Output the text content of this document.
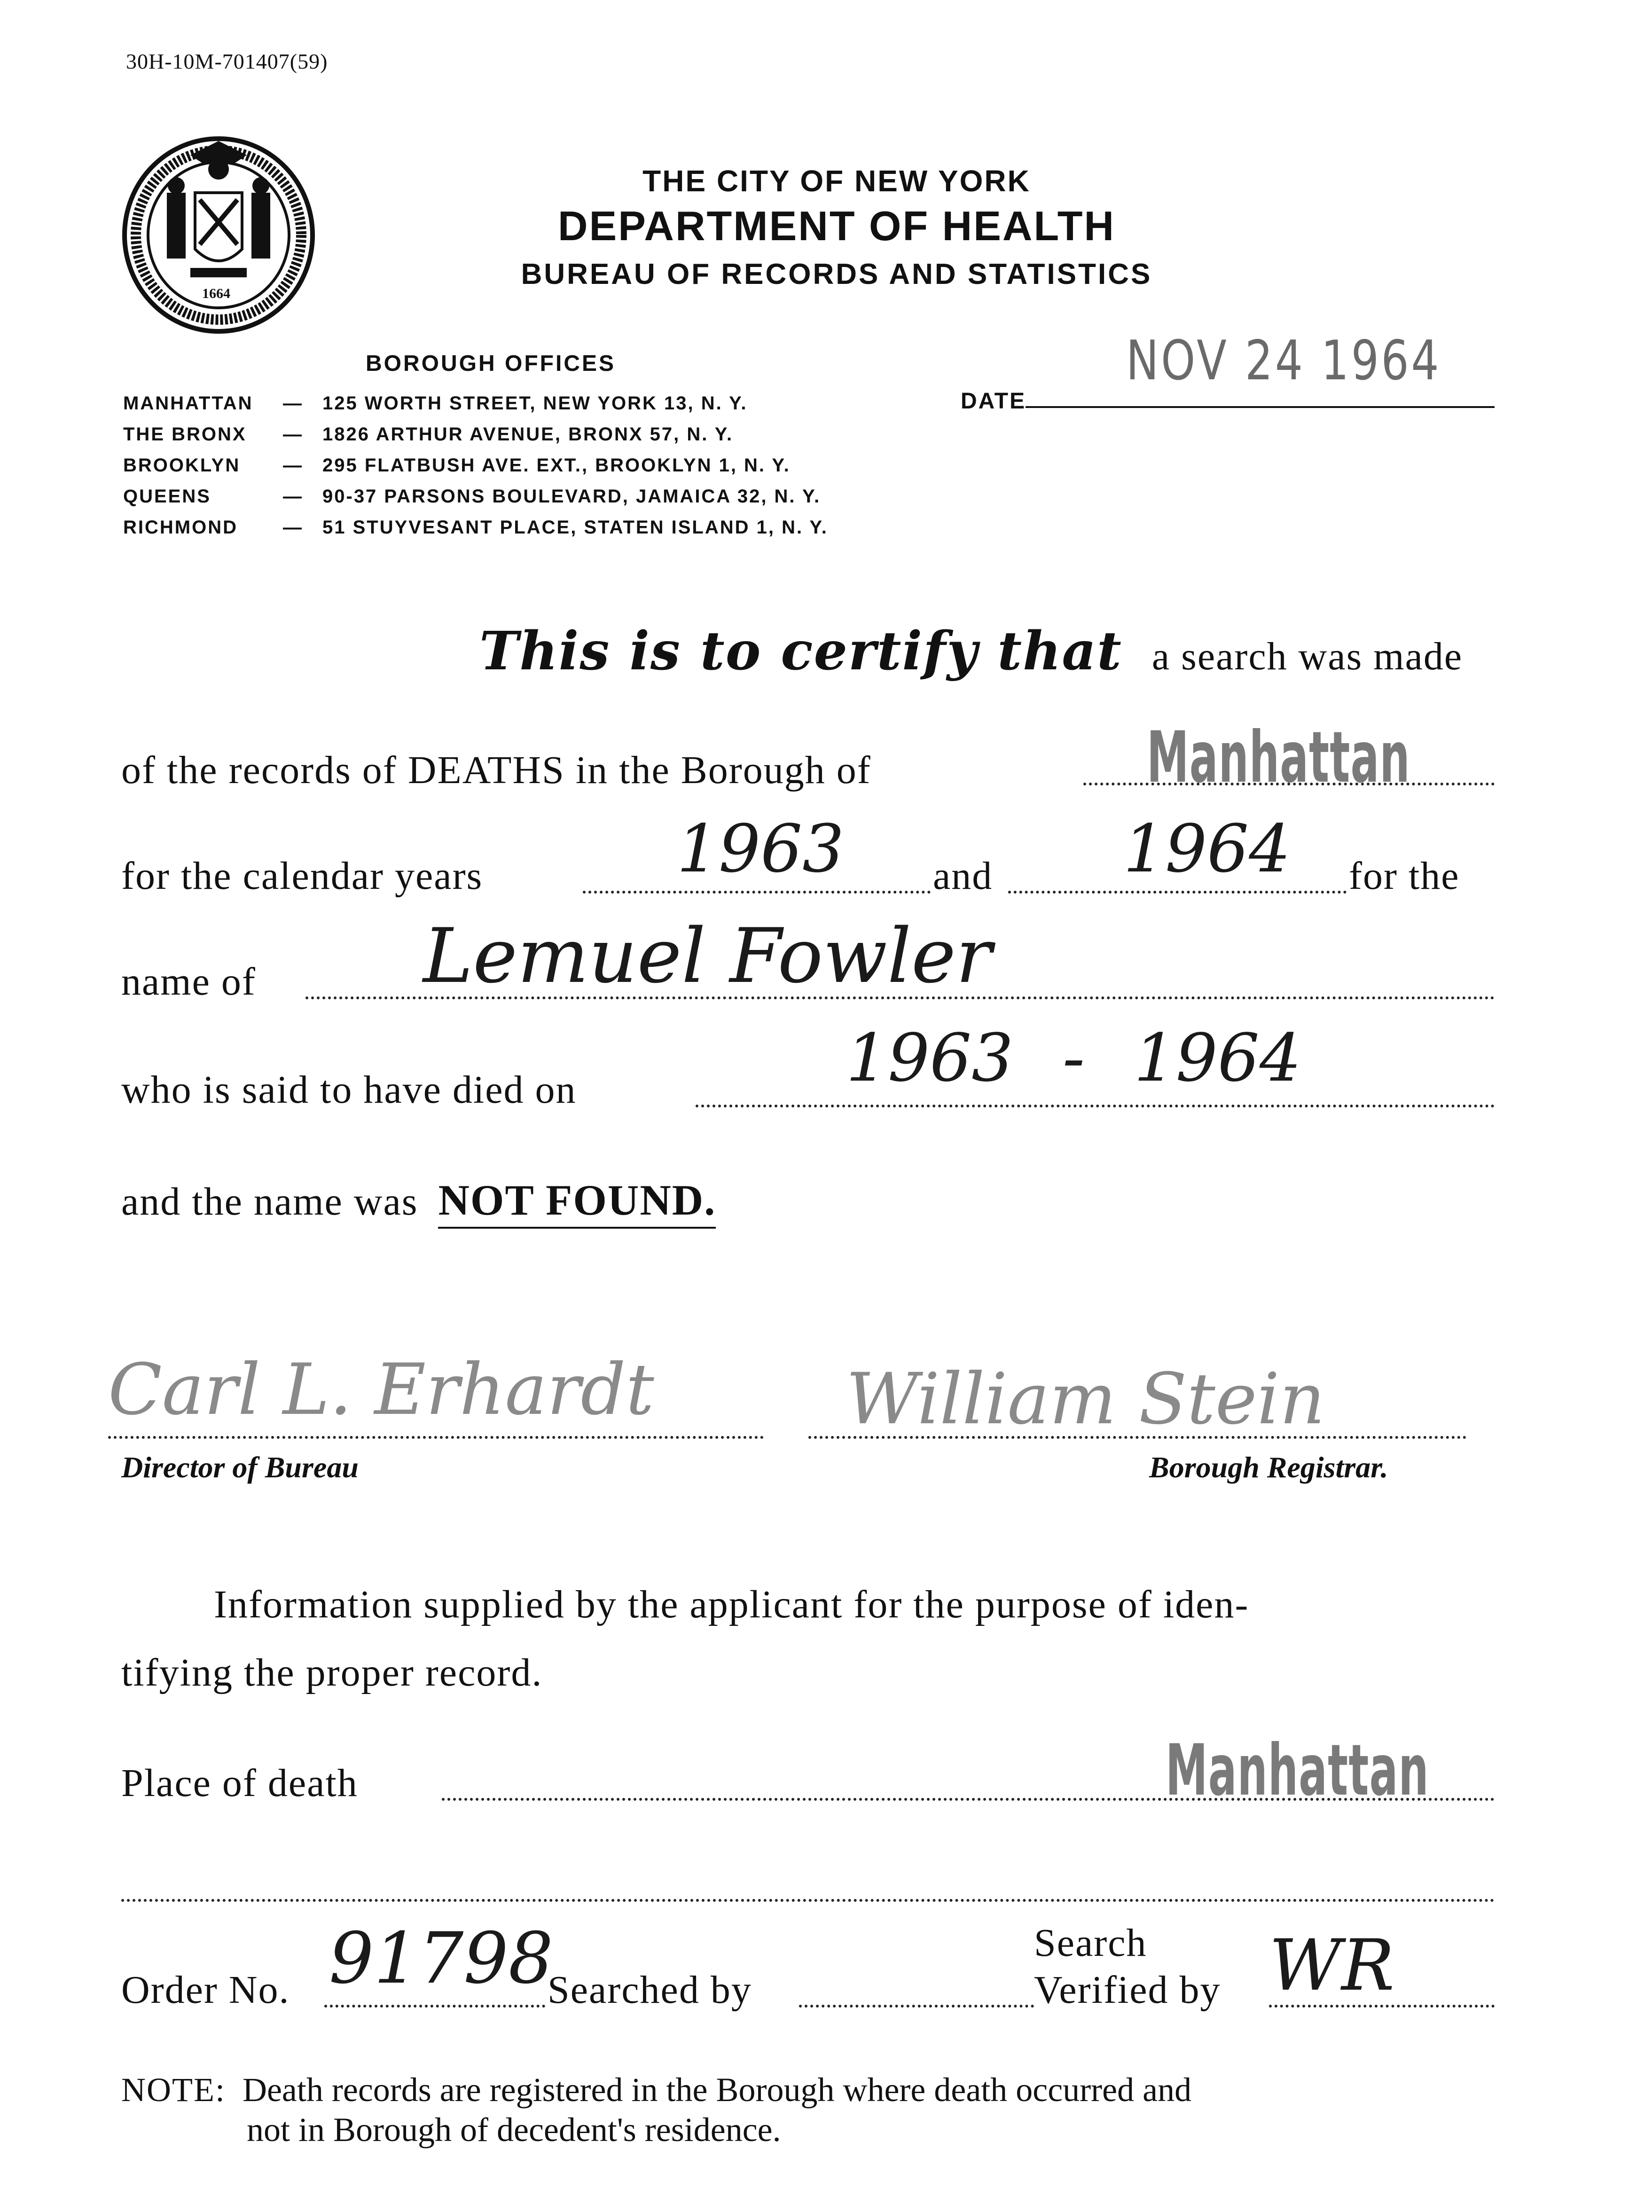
30H-10M-701407(59)
1664
THE CITY OF NEW YORK
DEPARTMENT OF HEALTH
BUREAU OF RECORDS AND STATISTICS
BOROUGH OFFICES
MANHATTAN — 125 WORTH STREET, NEW YORK 13, N. Y.
THE BRONX — 1826 ARTHUR AVENUE, BRONX 57, N. Y.
BROOKLYN — 295 FLATBUSH AVE. EXT., BROOKLYN 1, N. Y.
QUEENS	— 90-37 PARSONS BOULEVARD, JAMAICA 32, N. Y.
RICHMOND — 51 STUYVESANT PLACE, STATEN ISLAND 1, N. Y.
NOV 24 1964
DATE
This is to certify that a search was made
of the records of DEATHS in the Borough of	Manhattan
for the calendar years	1963 and 1964 for the
name of Lemuel Fowler
who is said to have died on	1963 - 1964
and the name was NOT FOUND.
Carl L. Erhardt
Director of Bureau
William Stein
Borough Registrar.
Information supplied by the applicant for the purpose of iden-
tifying the proper record.
Place of death	Manhattan
Order No. 91798
Searched by
Search
Verified by WR
NOTE: Death records are registered in the Borough where death occurred and
not in Borough of decedent's residence.
